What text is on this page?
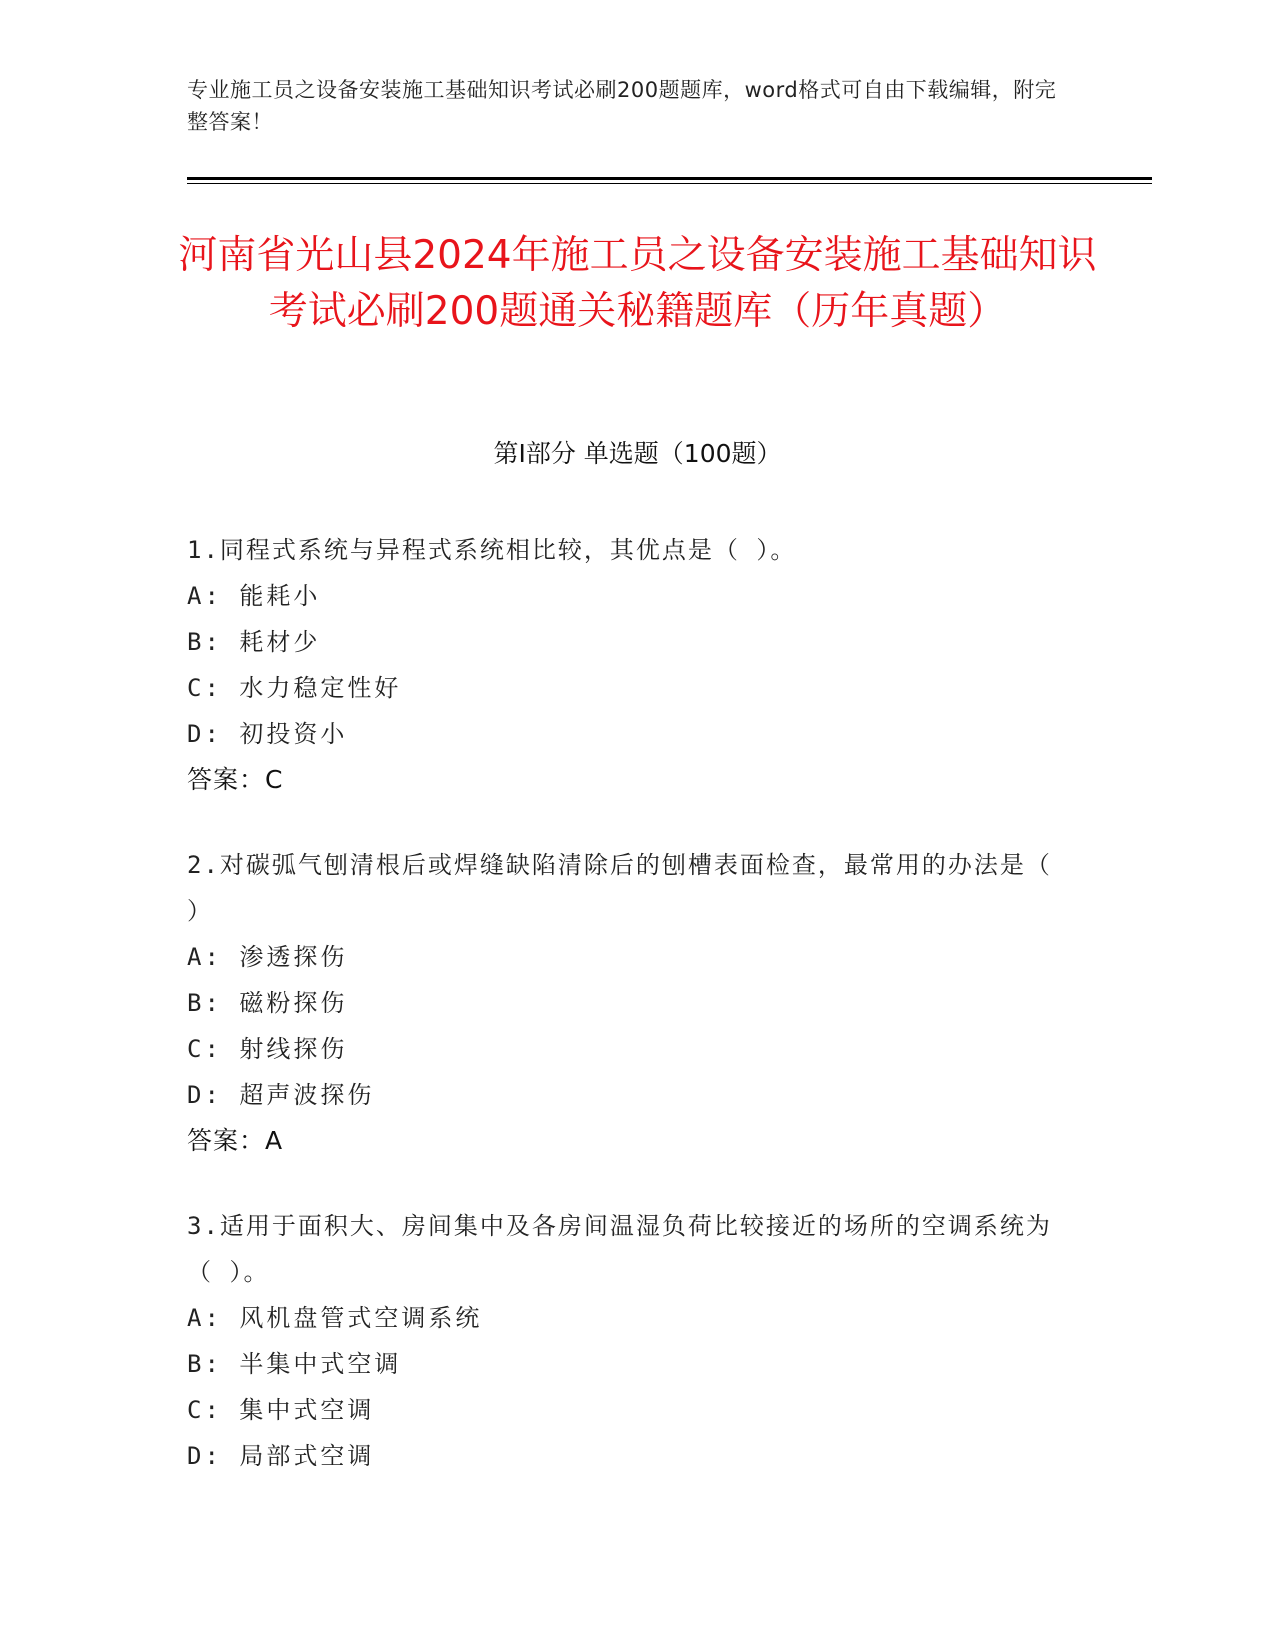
专业施工员之设备安装施工基础知识考试必刷200题题库，word格式可自由下载编辑，附完整答案！
河南省光山县2024年施工员之设备安装施工基础知识考试必刷200题通关秘籍题库（历年真题）
第Ⅰ部分 单选题（100题）
1.同程式系统与异程式系统相比较，其优点是（ ）。
A: 能耗小
B: 耗材少
C: 水力稳定性好
D: 初投资小
答案：C
2.对碳弧气刨清根后或焊缝缺陷清除后的刨槽表面检查，最常用的办法是（ ）
A: 渗透探伤
B: 磁粉探伤
C: 射线探伤
D: 超声波探伤
答案：A
3.适用于面积大、房间集中及各房间温湿负荷比较接近的场所的空调系统为（ ）。
A: 风机盘管式空调系统
B: 半集中式空调
C: 集中式空调
D: 局部式空调
